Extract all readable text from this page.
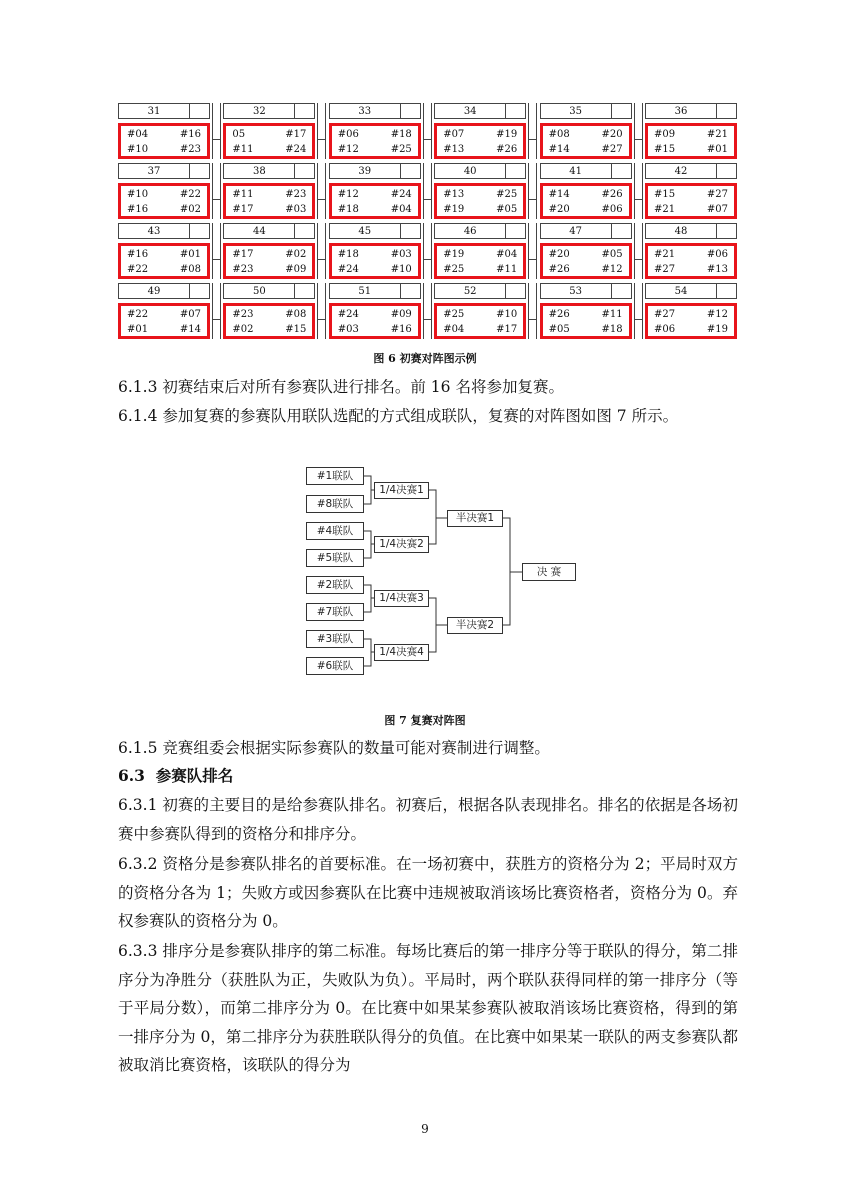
31
#04	#16
#10	#23
32
05	#17
#11	#24
33
#06	#18
#12	#25
34
#07	#19
#13	#26
35
#08	#20
#14	#27
36
#09	#21
#15	#01
37
#10	#22
#16	#02
38
#11	#23
#17	#03
39
#12	#24
#18	#04
40
#13	#25
#19	#05
41
#14	#26
#20	#06
42
#15	#27
#21	#07
43
#16	#01
#22	#08
44
#17	#02
#23	#09
45
#18	#03
#24	#10
46
#19	#04
#25	#11
47
#20	#05
#26	#12
48
#21	#06
#27	#13
49
#22	#07
#01	#14
50
#23	#08
#02	#15
51
#24	#09
#03	#16
52
#25	#10
#04	#17
53
#26	#11
#05	#18
54
#27	#12
#06	#19
图 6 初赛对阵图示例

6.1.3 初赛结束后对所有参赛队进行排名。前 16 名将参加复赛。

6.1.4 参加复赛的参赛队用联队选配的方式组成联队，复赛的对阵图如图 7 所示。

#1联队
#8联队
#4联队
#5联队
#2联队
#7联队
#3联队
#6联队
1/4决赛1
1/4决赛2
1/4决赛3
1/4决赛4
半决赛1
半决赛2
决 赛
图 7 复赛对阵图

6.1.5 竞赛组委会根据实际参赛队的数量可能对赛制进行调整。

6.3 参赛队排名

6.3.1 初赛的主要目的是给参赛队排名。初赛后，根据各队表现排名。排名的依据是各场初赛中参赛队得到的资格分和排序分。

6.3.2 资格分是参赛队排名的首要标准。在一场初赛中，获胜方的资格分为 2；平局时双方的资格分各为 1；失败方或因参赛队在比赛中违规被取消该场比赛资格者，资格分为 0。弃权参赛队的资格分为 0。

6.3.3 排序分是参赛队排序的第二标准。每场比赛后的第一排序分等于联队的得分，第二排序分为净胜分（获胜队为正，失败队为负）。平局时，两个联队获得同样的第一排序分（等于平局分数），而第二排序分为 0。在比赛中如果某参赛队被取消该场比赛资格，得到的第一排序分为 0，第二排序分为获胜联队得分的负值。在比赛中如果某一联队的两支参赛队都被取消比赛资格，该联队的得分为

9
